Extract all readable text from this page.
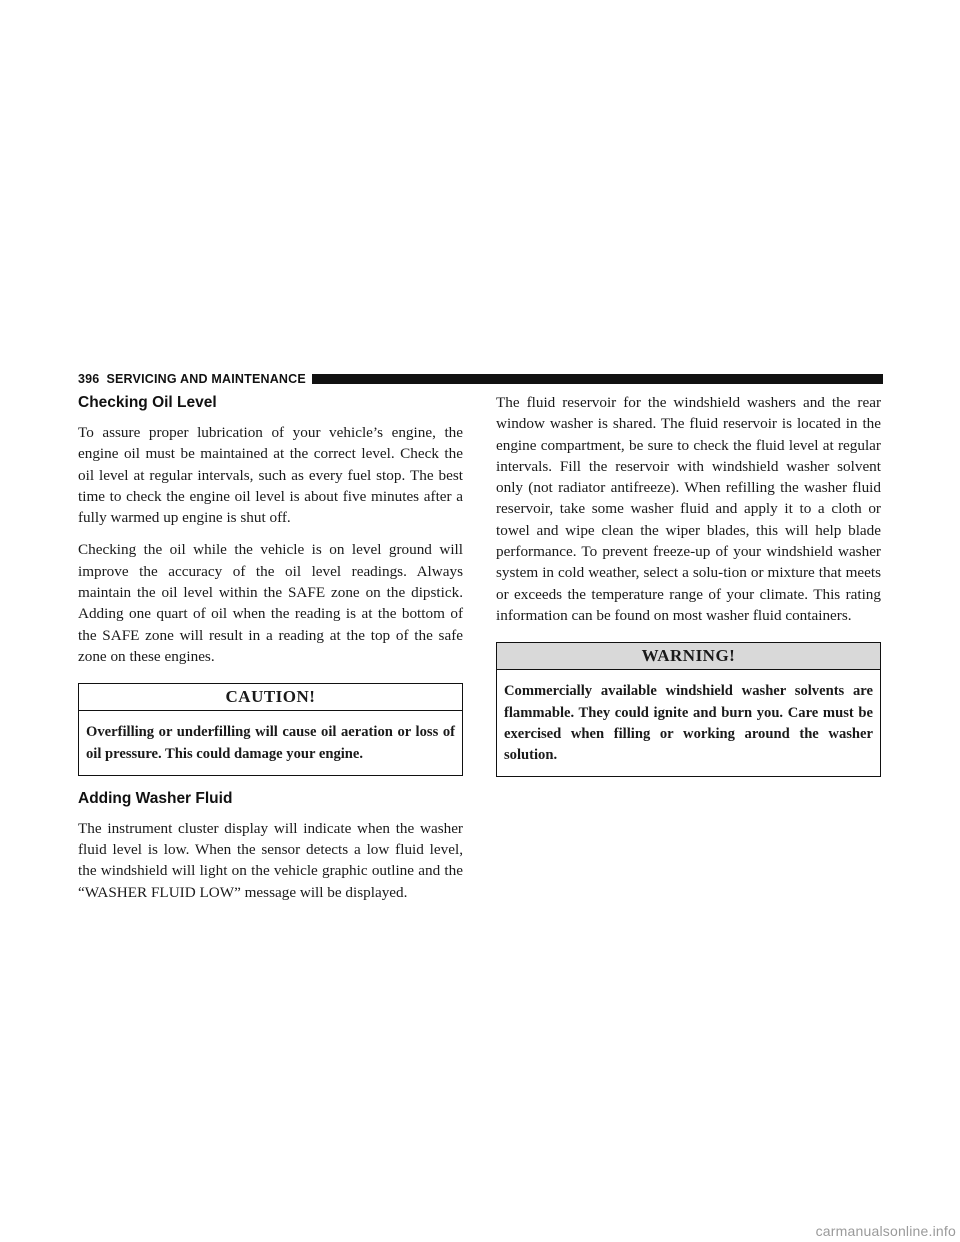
396 SERVICING AND MAINTENANCE
Checking Oil Level

To assure proper lubrication of your vehicle’s engine, the engine oil must be maintained at the correct level. Check the oil level at regular intervals, such as every fuel stop. The best time to check the engine oil level is about five minutes after a fully warmed up engine is shut off.

Checking the oil while the vehicle is on level ground will improve the accuracy of the oil level readings. Always maintain the oil level within the SAFE zone on the dipstick. Adding one quart of oil when the reading is at the bottom of the SAFE zone will result in a reading at the top of the safe zone on these engines.

CAUTION!
Overfilling or underfilling will cause oil aeration or loss of oil pressure. This could damage your engine.
Adding Washer Fluid

The instrument cluster display will indicate when the washer fluid level is low. When the sensor detects a low fluid level, the windshield will light on the vehicle graphic outline and the “WASHER FLUID LOW” message will be displayed.

The fluid reservoir for the windshield washers and the rear window washer is shared. The fluid reservoir is located in the engine compartment, be sure to check the fluid level at regular intervals. Fill the reservoir with windshield washer solvent only (not radiator antifreeze). When refilling the washer fluid reservoir, take some washer fluid and apply it to a cloth or towel and wipe clean the wiper blades, this will help blade performance. To prevent freeze-up of your windshield washer system in cold weather, select a solu-tion or mixture that meets or exceeds the temperature range of your climate. This rating information can be found on most washer fluid containers.

WARNING!
Commercially available windshield washer solvents are flammable. They could ignite and burn you. Care must be exercised when filling or working around the washer solution.
carmanualsonline.info
